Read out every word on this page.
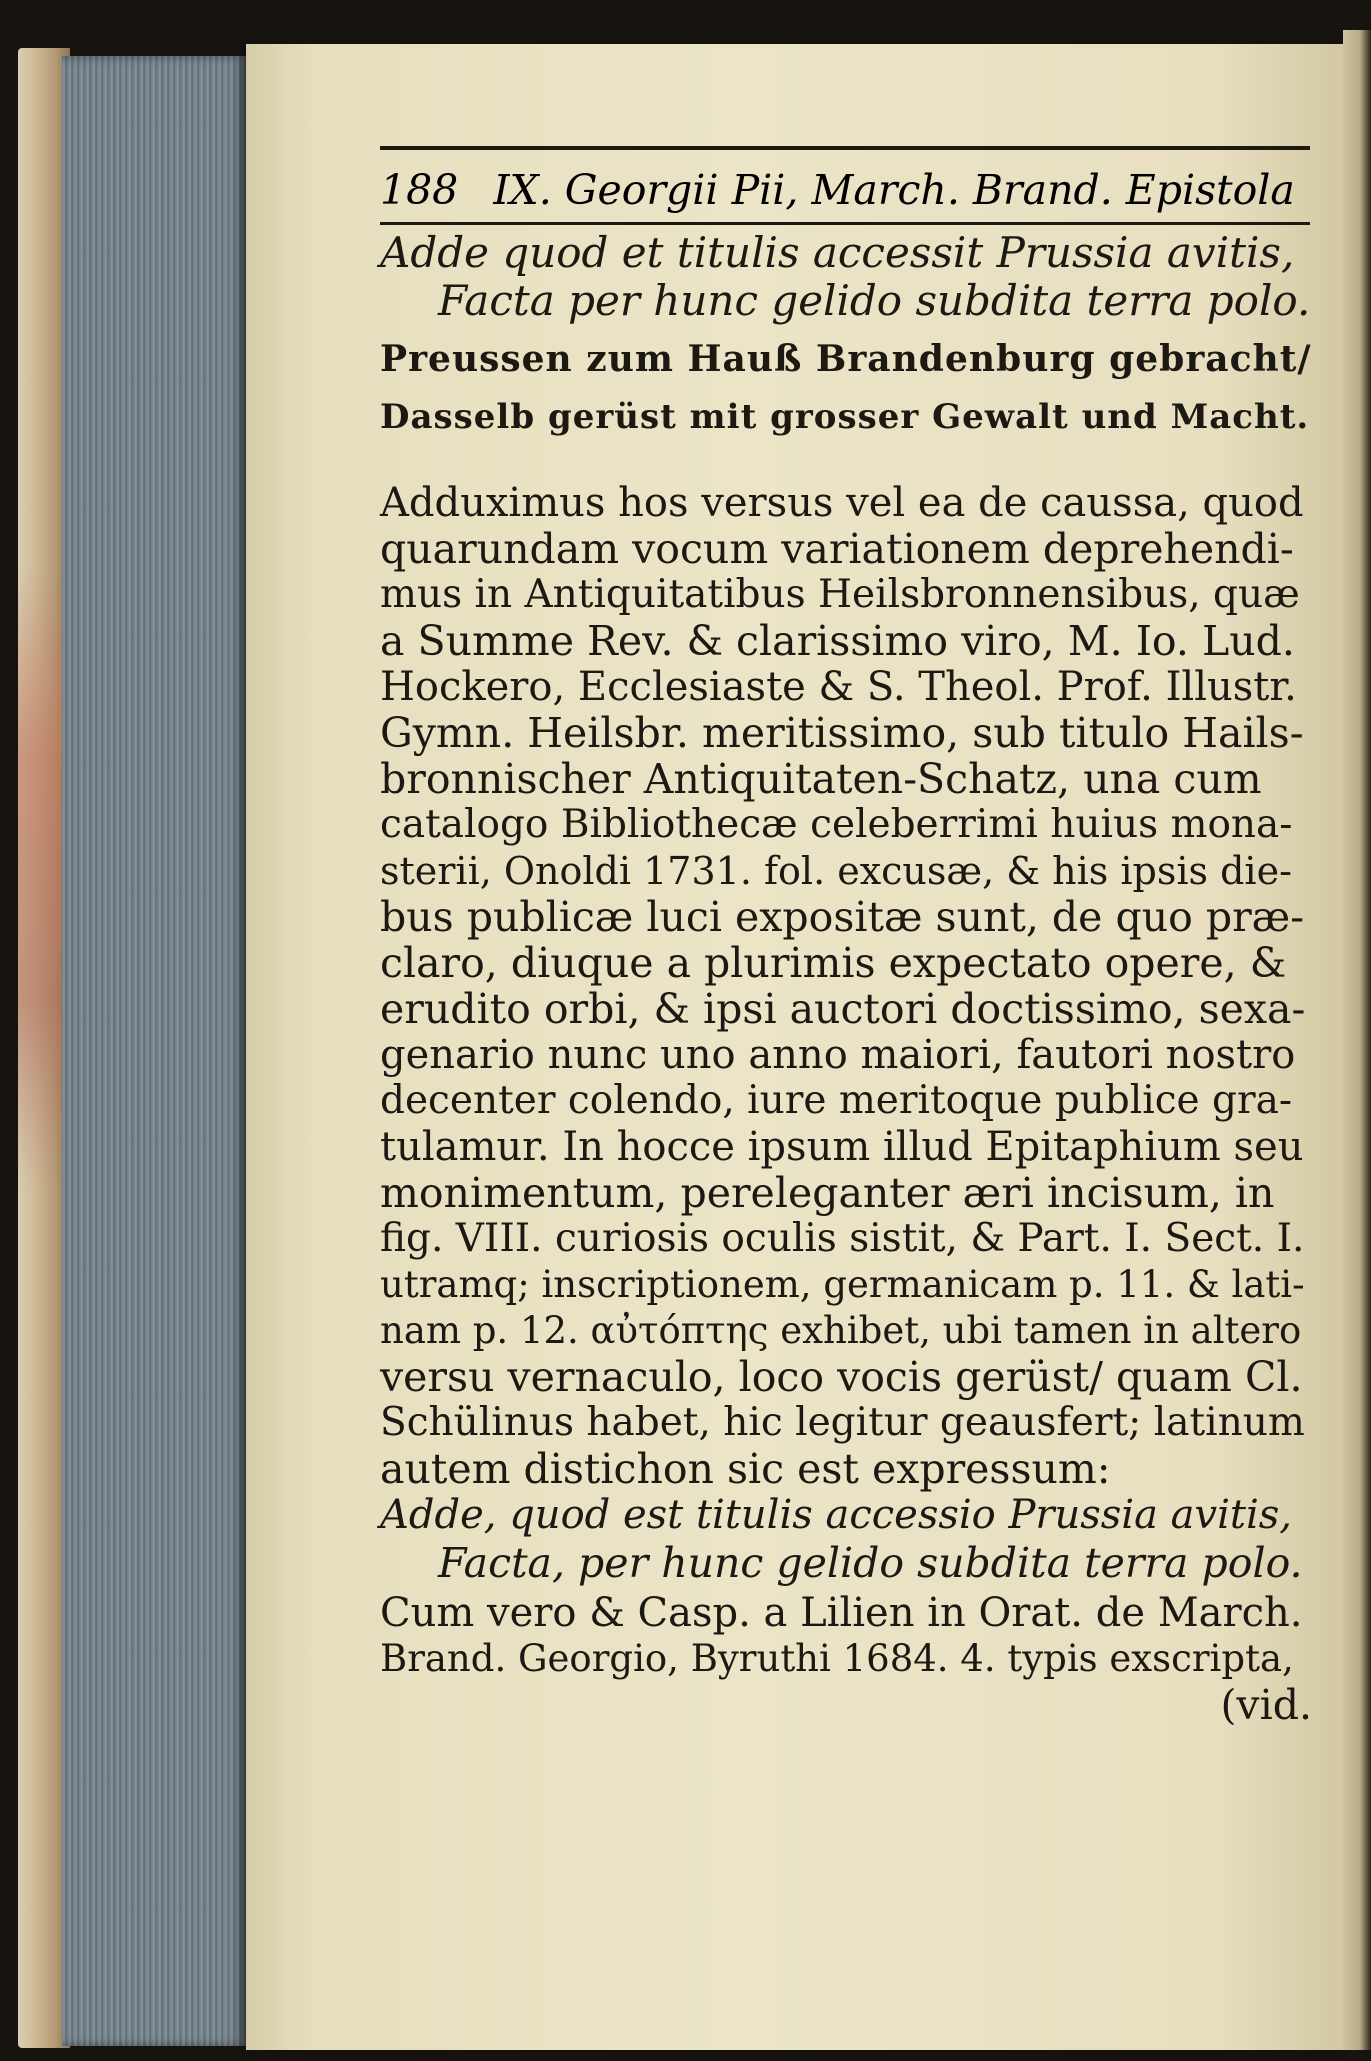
188 IX. Georgii Pii, March. Brand. Epistola
Adde quod et titulis accessit Prussia avitis,
Facta per hunc gelido subdita terra polo.
Preussen zum Hauß Brandenburg gebracht/
Dasselb gerüst mit grosser Gewalt und Macht.
Adduximus hos versus vel ea de caussa, quod
quarundam vocum variationem deprehendi-
mus in Antiquitatibus Heilsbronnensibus, quæ
a Summe Rev. & clarissimo viro, M. Io. Lud.
Hockero, Ecclesiaste & S. Theol. Prof. Illustr.
Gymn. Heilsbr. meritissimo, sub titulo Hails-
bronnischer Antiquitaten-Schatz, una cum
catalogo Bibliothecæ celeberrimi huius mona-
sterii, Onoldi 1731. fol. excusæ, & his ipsis die-
bus publicæ luci expositæ sunt, de quo præ-
claro, diuque a plurimis expectato opere, &
erudito orbi, & ipsi auctori doctissimo, sexa-
genario nunc uno anno maiori, fautori nostro
decenter colendo, iure meritoque publice gra-
tulamur. In hocce ipsum illud Epitaphium seu
monimentum, pereleganter æri incisum, in
fig. VIII. curiosis oculis sistit, & Part. I. Sect. I.
utramq; inscriptionem, germanicam p. 11. & lati-
nam p. 12. αὐτόπτης exhibet, ubi tamen in altero
versu vernaculo, loco vocis gerüst/ quam Cl.
Schülinus habet, hic legitur geausfert; latinum
autem distichon sic est expressum:
Adde, quod est titulis accessio Prussia avitis,
Facta, per hunc gelido subdita terra polo.
Cum vero & Casp. a Lilien in Orat. de March.
Brand. Georgio, Byruthi 1684. 4. typis exscripta,
(vid.
